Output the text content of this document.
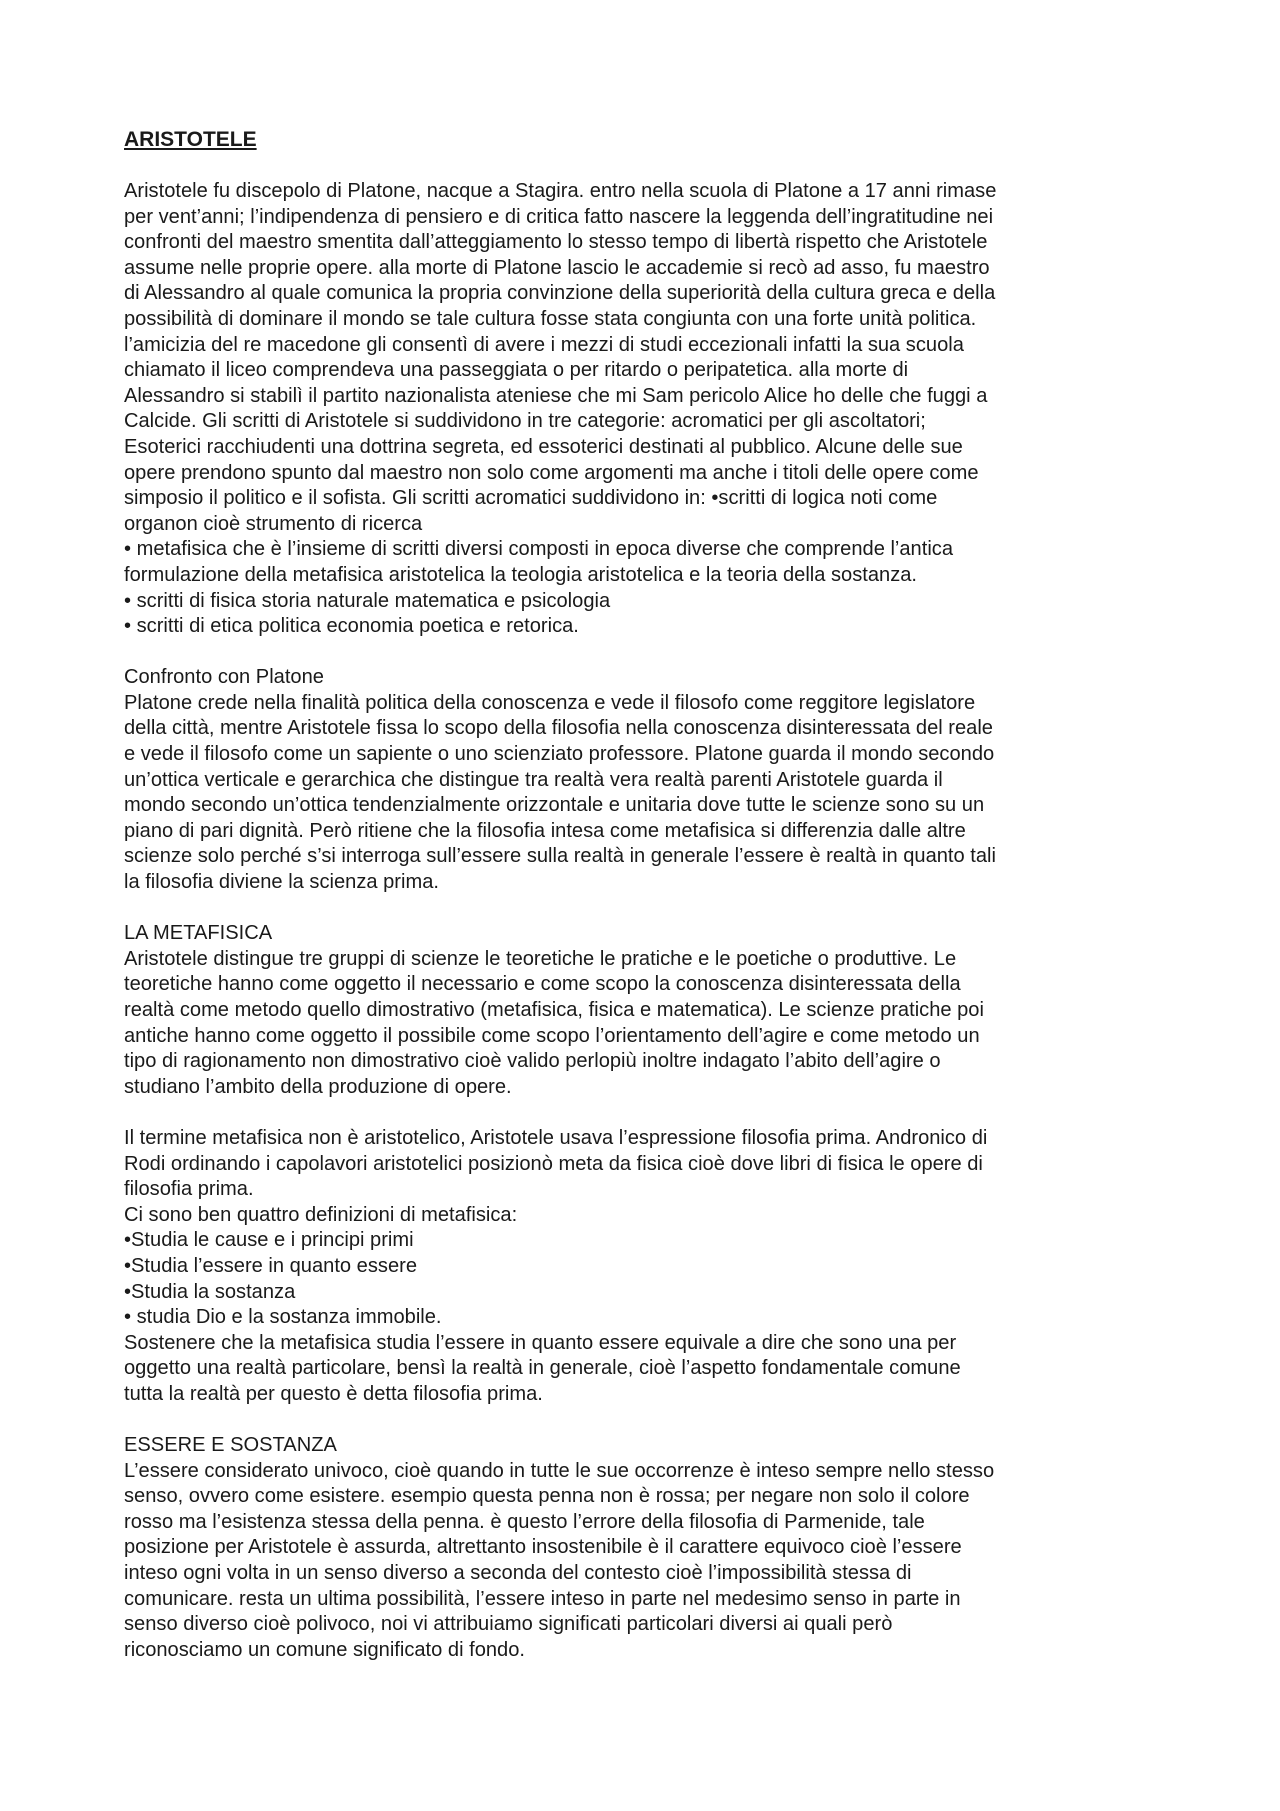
ARISTOTELE
Aristotele fu discepolo di Platone, nacque a Stagira. entro nella scuola di Platone a 17 anni rimase
per vent’anni; l’indipendenza di pensiero e di critica fatto nascere la leggenda dell’ingratitudine nei
confronti del maestro smentita dall’atteggiamento lo stesso tempo di libertà rispetto che Aristotele
assume nelle proprie opere. alla morte di Platone lascio le accademie si recò ad asso, fu maestro
di Alessandro al quale comunica la propria convinzione della superiorità della cultura greca e della
possibilità di dominare il mondo se tale cultura fosse stata congiunta con una forte unità politica.
l’amicizia del re macedone gli consentì di avere i mezzi di studi eccezionali infatti la sua scuola
chiamato il liceo comprendeva una passeggiata o per ritardo o peripatetica. alla morte di
Alessandro si stabilì il partito nazionalista ateniese che mi Sam pericolo Alice ho delle che fuggi a
Calcide. Gli scritti di Aristotele si suddividono in tre categorie: acromatici per gli ascoltatori;
Esoterici racchiudenti una dottrina segreta, ed essoterici destinati al pubblico. Alcune delle sue
opere prendono spunto dal maestro non solo come argomenti ma anche i titoli delle opere come
simposio il politico e il sofista. Gli scritti acromatici suddividono in: •scritti di logica noti come
organon cioè strumento di ricerca
• metafisica che è l’insieme di scritti diversi composti in epoca diverse che comprende l’antica
formulazione della metafisica aristotelica la teologia aristotelica e la teoria della sostanza.
• scritti di fisica storia naturale matematica e psicologia
• scritti di etica politica economia poetica e retorica.
Confronto con Platone
Platone crede nella finalità politica della conoscenza e vede il filosofo come reggitore legislatore
della città, mentre Aristotele fissa lo scopo della filosofia nella conoscenza disinteressata del reale
e vede il filosofo come un sapiente o uno scienziato professore. Platone guarda il mondo secondo
un’ottica verticale e gerarchica che distingue tra realtà vera realtà parenti Aristotele guarda il
mondo secondo un’ottica tendenzialmente orizzontale e unitaria dove tutte le scienze sono su un
piano di pari dignità. Però ritiene che la filosofia intesa come metafisica si differenzia dalle altre
scienze solo perché s’si interroga sull’essere sulla realtà in generale l’essere è realtà in quanto tali
la filosofia diviene la scienza prima.
LA METAFISICA
Aristotele distingue tre gruppi di scienze le teoretiche le pratiche e le poetiche o produttive. Le
teoretiche hanno come oggetto il necessario e come scopo la conoscenza disinteressata della
realtà come metodo quello dimostrativo (metafisica, fisica e matematica). Le scienze pratiche poi
antiche hanno come oggetto il possibile come scopo l’orientamento dell’agire e come metodo un
tipo di ragionamento non dimostrativo cioè valido perlopiù inoltre indagato l’abito dell’agire o
studiano l’ambito della produzione di opere.
Il termine metafisica non è aristotelico, Aristotele usava l’espressione filosofia prima. Andronico di
Rodi ordinando i capolavori aristotelici posizionò meta da fisica cioè dove libri di fisica le opere di
filosofia prima.
Ci sono ben quattro definizioni di metafisica:
•Studia le cause e i principi primi
•Studia l’essere in quanto essere
•Studia la sostanza
• studia Dio e la sostanza immobile.
Sostenere che la metafisica studia l’essere in quanto essere equivale a dire che sono una per
oggetto una realtà particolare, bensì la realtà in generale, cioè l’aspetto fondamentale comune
tutta la realtà per questo è detta filosofia prima.
ESSERE E SOSTANZA
L’essere considerato univoco, cioè quando in tutte le sue occorrenze è inteso sempre nello stesso
senso, ovvero come esistere. esempio questa penna non è rossa; per negare non solo il colore
rosso ma l’esistenza stessa della penna. è questo l’errore della filosofia di Parmenide, tale
posizione per Aristotele è assurda, altrettanto insostenibile è il carattere equivoco cioè l’essere
inteso ogni volta in un senso diverso a seconda del contesto cioè l’impossibilità stessa di
comunicare. resta un ultima possibilità, l’essere inteso in parte nel medesimo senso in parte in
senso diverso cioè polivoco, noi vi attribuiamo significati particolari diversi ai quali però
riconosciamo un comune significato di fondo.
